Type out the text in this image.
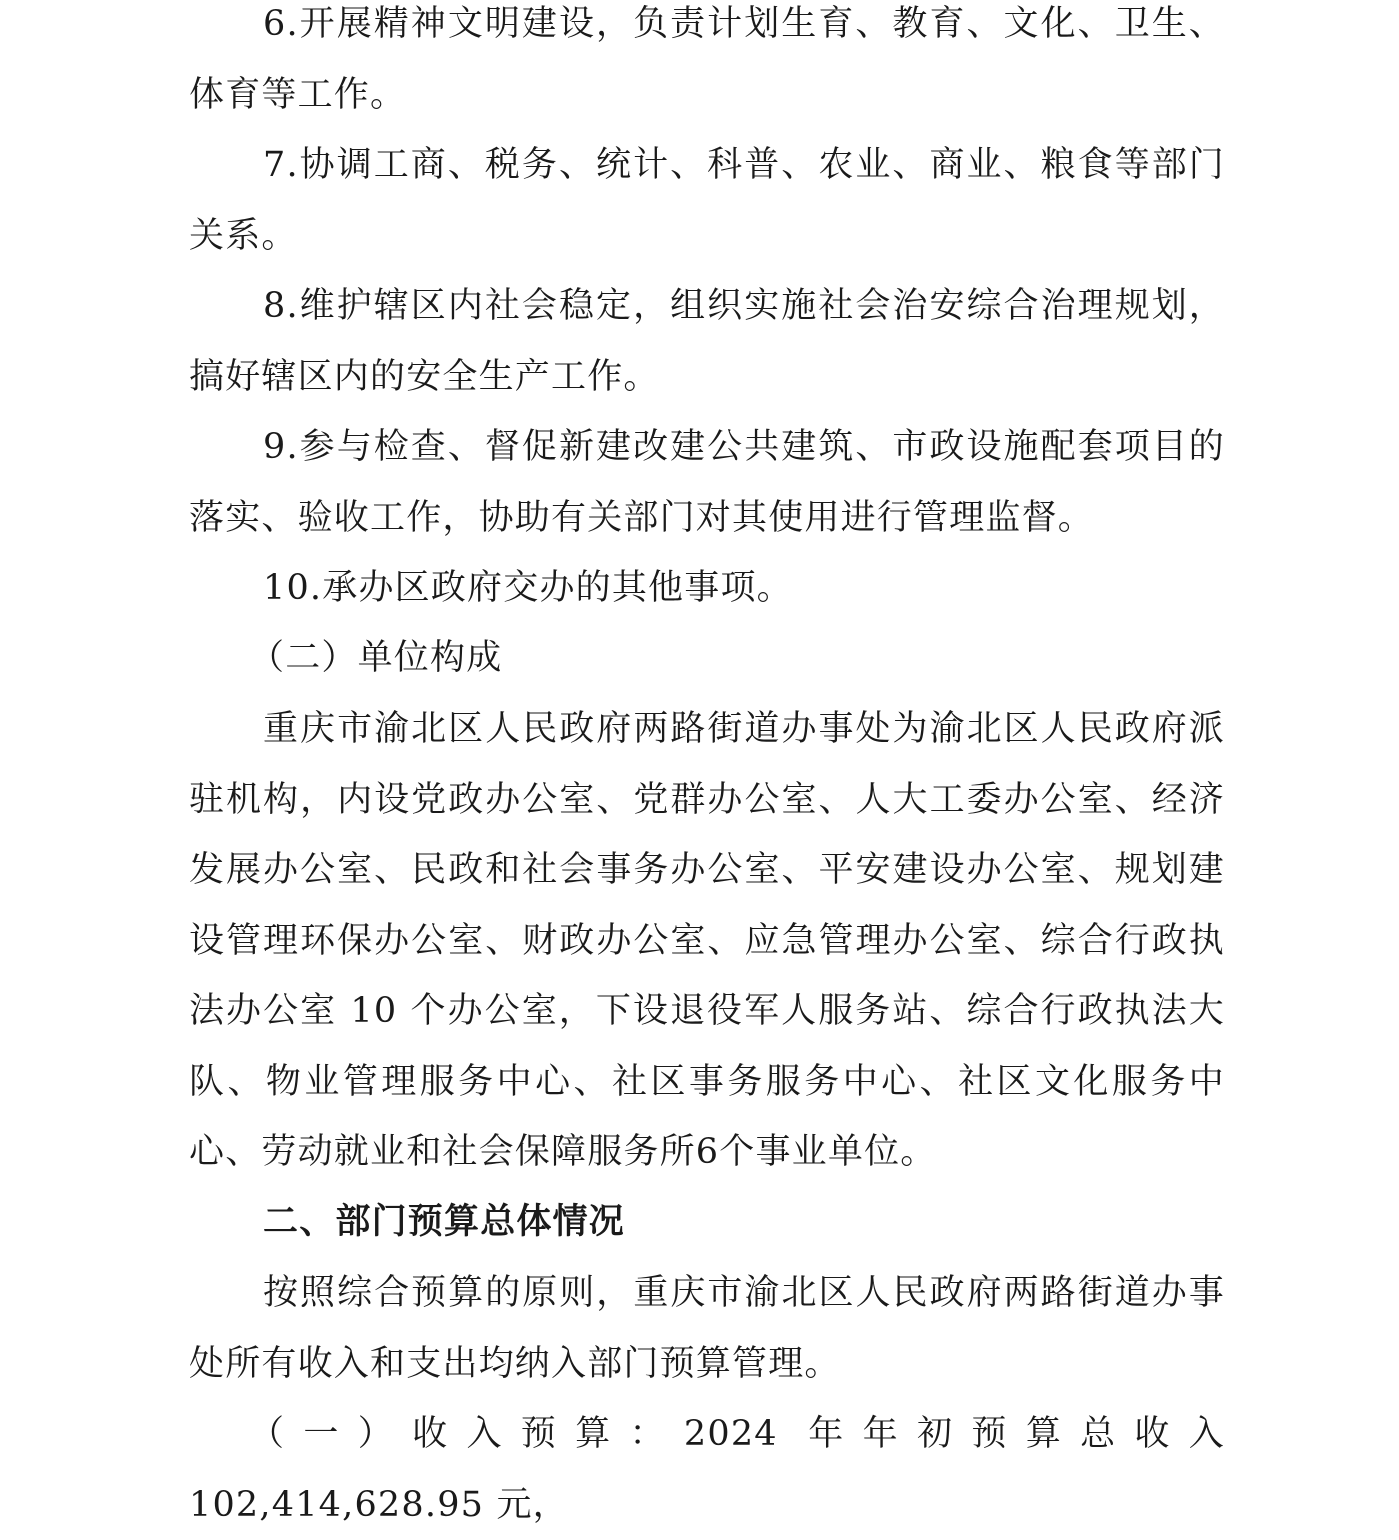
6.开展精神文明建设，负责计划生育、教育、文化、卫生、体育等工作。

7.协调工商、税务、统计、科普、农业、商业、粮食等部门关系。

8.维护辖区内社会稳定，组织实施社会治安综合治理规划，搞好辖区内的安全生产工作。

9.参与检查、督促新建改建公共建筑、市政设施配套项目的落实、验收工作，协助有关部门对其使用进行管理监督。

10.承办区政府交办的其他事项。

（二）单位构成

重庆市渝北区人民政府两路街道办事处为渝北区人民政府派驻机构，内设党政办公室、党群办公室、人大工委办公室、经济发展办公室、民政和社会事务办公室、平安建设办公室、规划建设管理环保办公室、财政办公室、应急管理办公室、综合行政执法办公室 10 个办公室，下设退役军人服务站、综合行政执法大队、物业管理服务中心、社区事务服务中心、社区文化服务中心、劳动就业和社会保障服务所6个事业单位。

二、部门预算总体情况

按照综合预算的原则，重庆市渝北区人民政府两路街道办事处所有收入和支出均纳入部门预算管理。

（一）收入预算：2024 年年初预算总收入 102,414,628.95 元，
